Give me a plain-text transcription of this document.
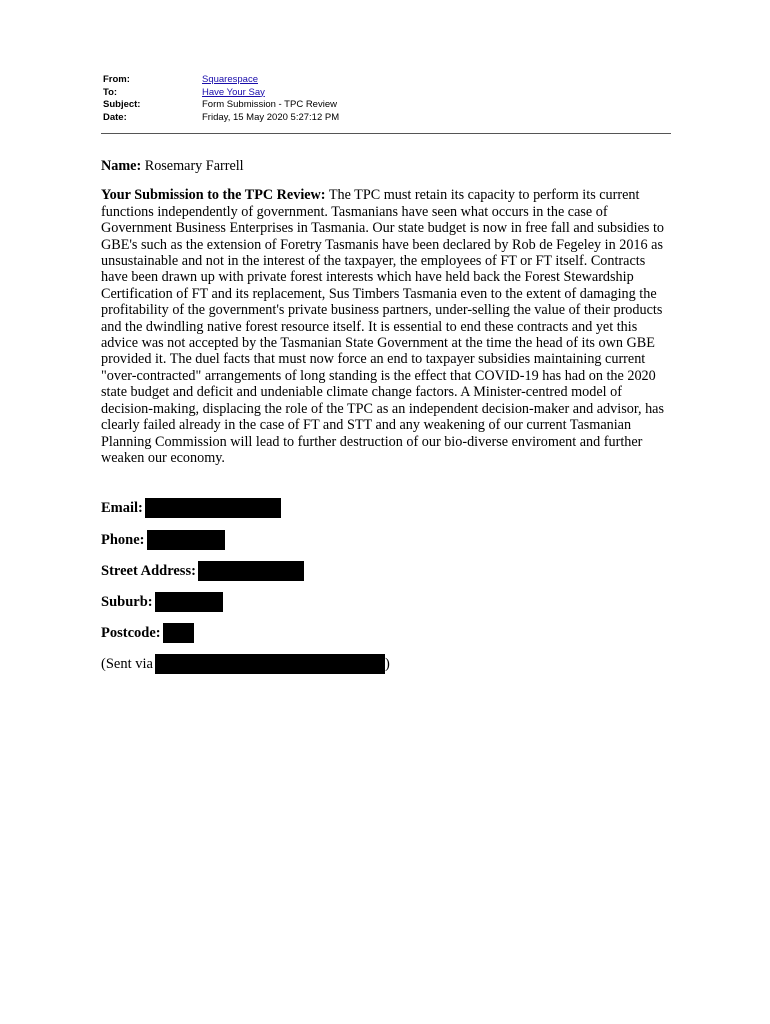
From:	Squarespace
To:	Have Your Say
Subject:	Form Submission - TPC Review
Date:	Friday, 15 May 2020 5:27:12 PM

Name: Rosemary Farrell

Your Submission to the TPC Review: The TPC must retain its capacity to perform its current functions independently of government. Tasmanians have seen what occurs in the case of Government Business Enterprises in Tasmania. Our state budget is now in free fall and subsidies to GBE's such as the extension of Foretry Tasmanis have been declared by Rob de Fegeley in 2016 as unsustainable and not in the interest of the taxpayer, the employees of FT or FT itself. Contracts have been drawn up with private forest interests which have held back the Forest Stewardship Certification of FT and its replacement, Sus Timbers Tasmania even to the extent of damaging the profitability of the government's private business partners, under-selling the value of their products and the dwindling native forest resource itself. It is essential to end these contracts and yet this advice was not accepted by the Tasmanian State Government at the time the head of its own GBE provided it. The duel facts that must now force an end to taxpayer subsidies maintaining current "over-contracted" arrangements of long standing is the effect that COVID-19 has had on the 2020 state budget and deficit and undeniable climate change factors. A Minister-centred model of decision-making, displacing the role of the TPC as an independent decision-maker and advisor, has clearly failed already in the case of FT and STT and any weakening of our current Tasmanian Planning Commission will lead to further destruction of our bio-diverse enviroment and further weaken our economy.

Email:
Phone:
Street Address:
Suburb:
Postcode:
(Sent via	)
